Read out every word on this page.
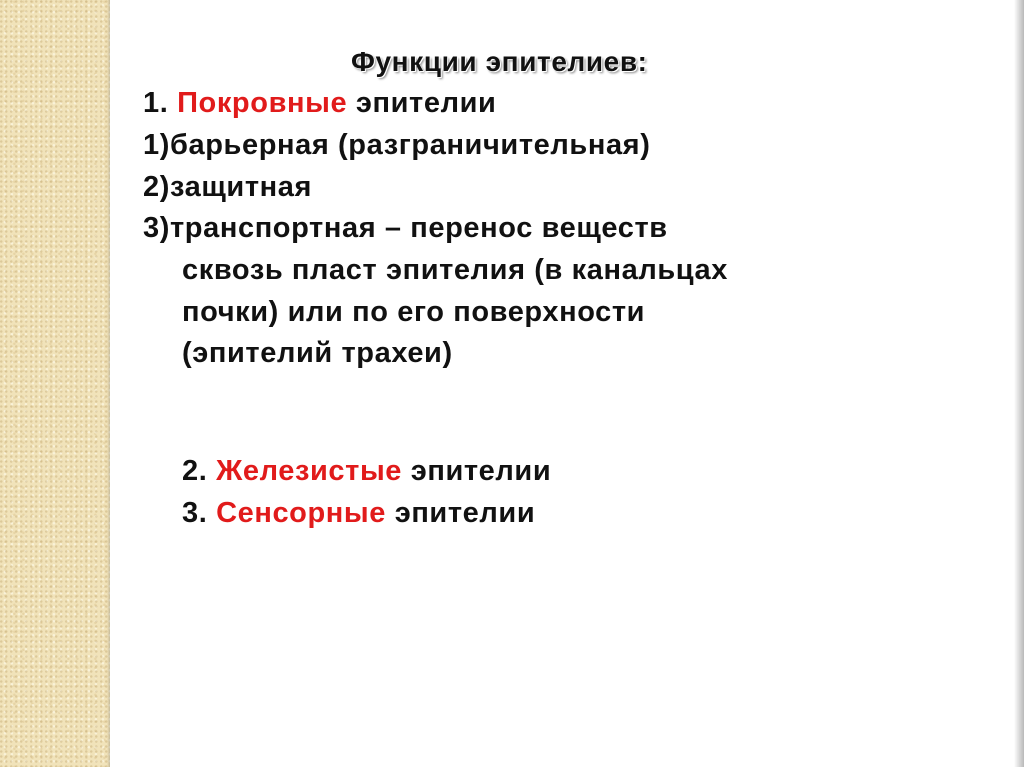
Функции эпителиев:
1. Покровные эпителии
1)барьерная (разграничительная)
2)защитная
3)транспортная – перенос веществ
сквозь пласт эпителия (в канальцах
почки) или по его поверхности
(эпителий трахеи)
2. Железистые эпителии
3. Сенсорные эпителии
